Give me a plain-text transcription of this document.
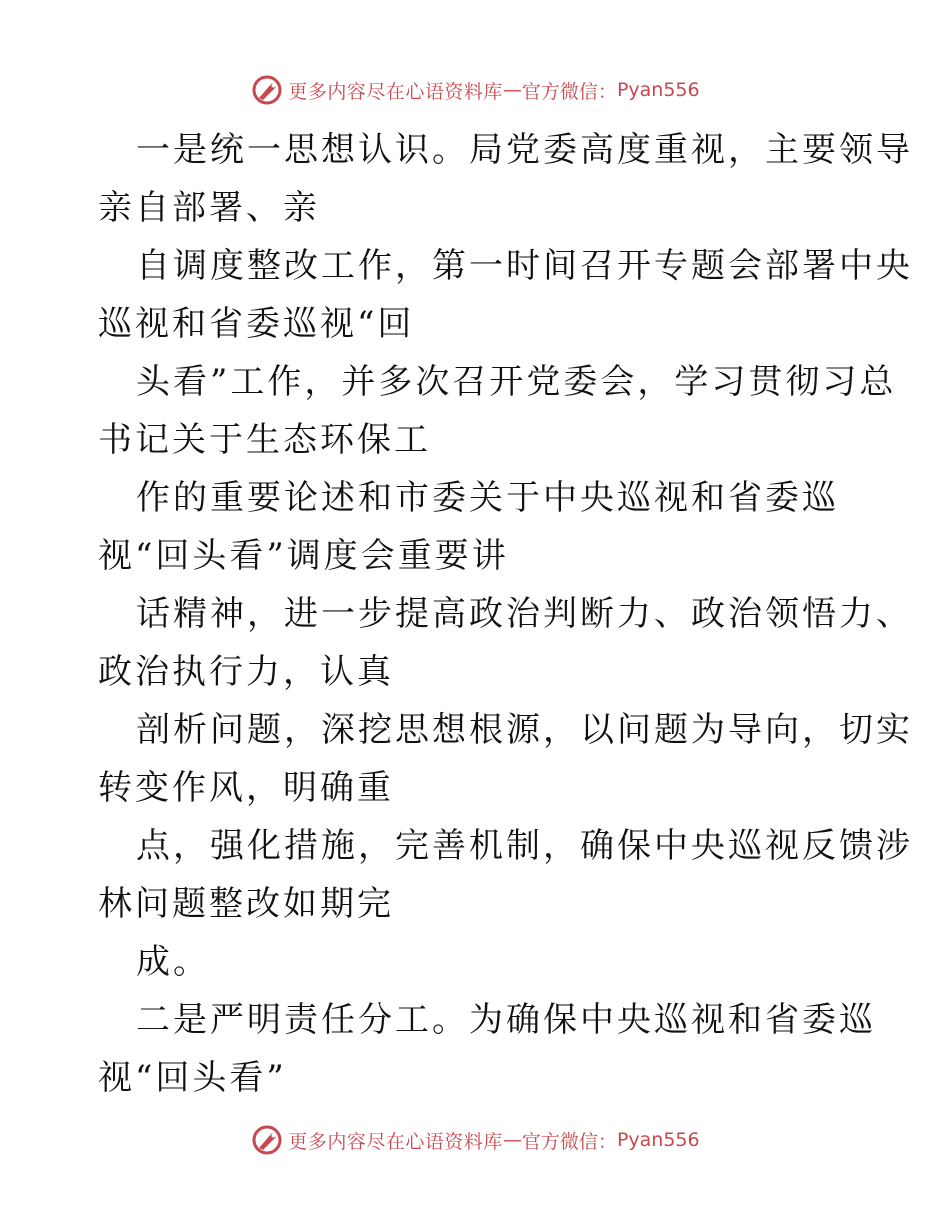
更多内容尽在心语资料库 — 官方微信： Pyan556
一是统一思想认识。局党委高度重视，主要领导
亲自部署、亲
自调度整改工作，第一时间召开专题会部署中央
巡视和省委巡视“回
头看”工作，并多次召开党委会，学习贯彻习总
书记关于生态环保工
作的重要论述和市委关于中央巡视和省委巡
视“回头看”调度会重要讲
话精神，进一步提高政治判断力、政治领悟力、
政治执行力，认真
剖析问题，深挖思想根源，以问题为导向，切实
转变作风，明确重
点，强化措施，完善机制，确保中央巡视反馈涉
林问题整改如期完
成。
二是严明责任分工。为确保中央巡视和省委巡
视“回头看”
更多内容尽在心语资料库 — 官方微信： Pyan556
